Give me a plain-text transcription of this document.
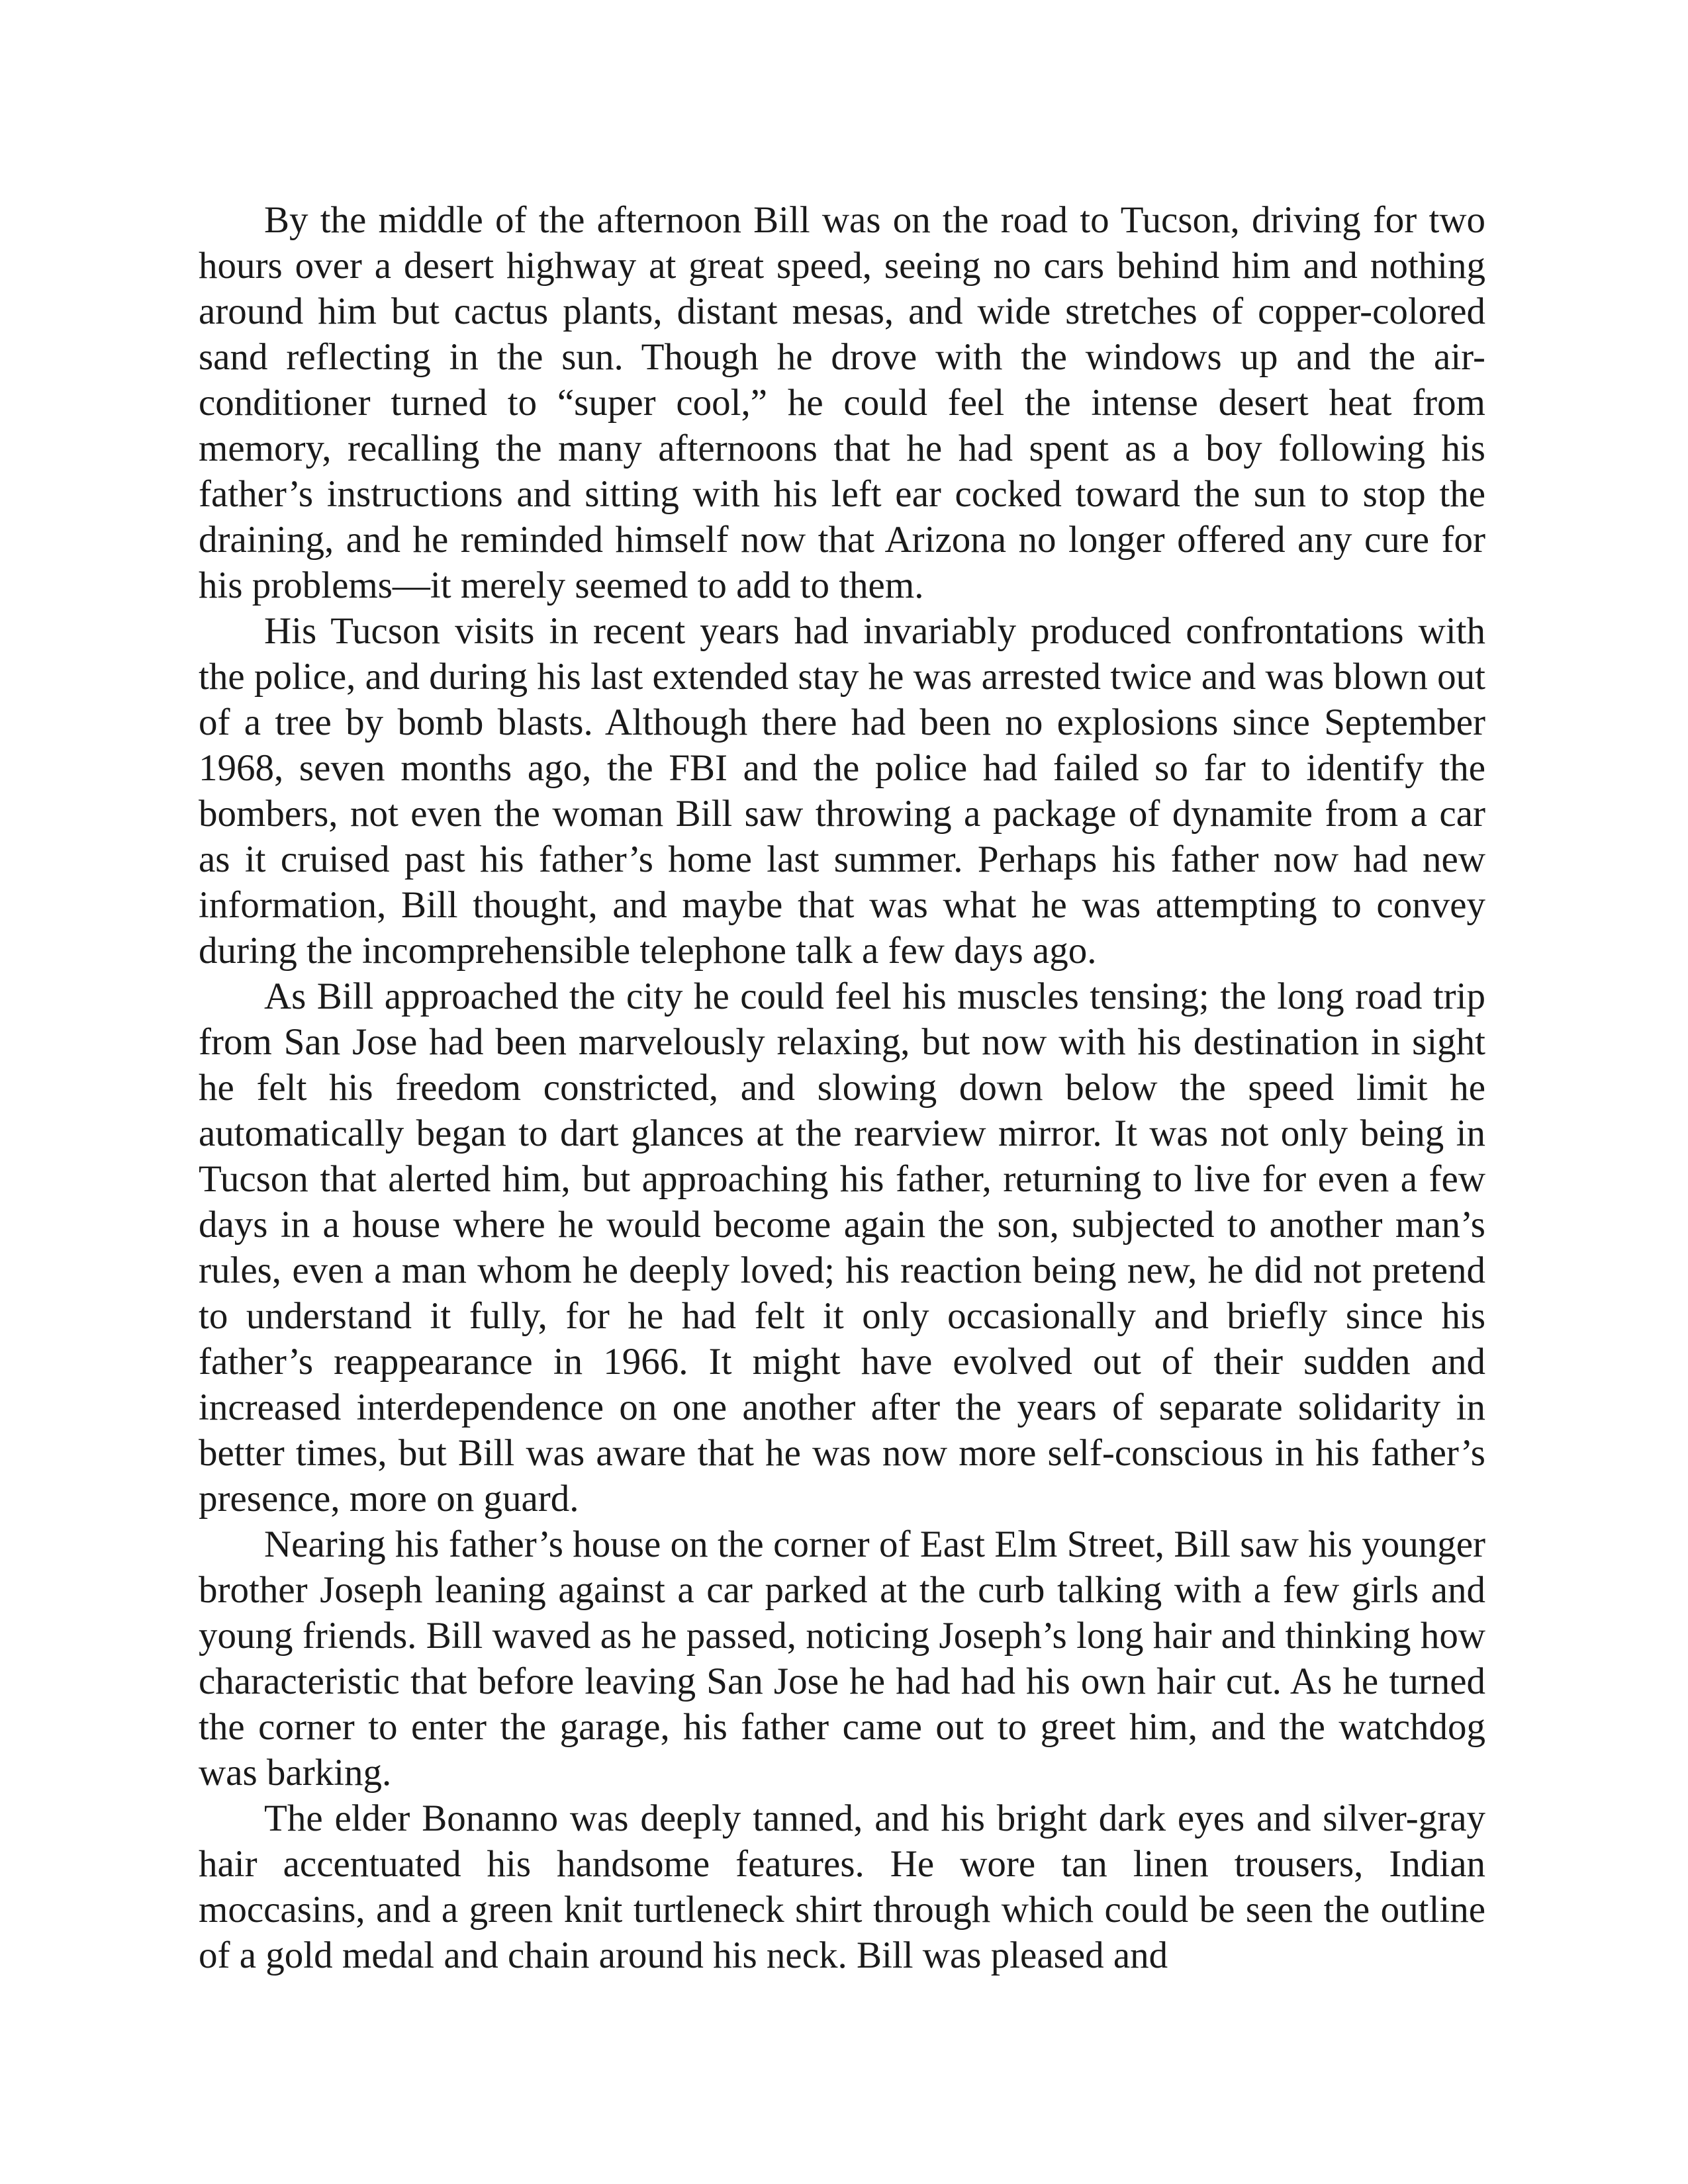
By the middle of the afternoon Bill was on the road to Tucson, driving for two hours over a desert highway at great speed, seeing no cars behind him and nothing around him but cactus plants, distant mesas, and wide stretches of copper-colored sand reflecting in the sun. Though he drove with the windows up and the air-conditioner turned to “super cool,” he could feel the intense desert heat from memory, recalling the many afternoons that he had spent as a boy following his father’s instructions and sitting with his left ear cocked toward the sun to stop the draining, and he reminded himself now that Arizona no longer offered any cure for his problems—it merely seemed to add to them.

His Tucson visits in recent years had invariably produced confrontations with the police, and during his last extended stay he was arrested twice and was blown out of a tree by bomb blasts. Although there had been no explosions since September 1968, seven months ago, the FBI and the police had failed so far to identify the bombers, not even the woman Bill saw throwing a package of dynamite from a car as it cruised past his father’s home last summer. Perhaps his father now had new information, Bill thought, and maybe that was what he was attempting to convey during the incomprehensible telephone talk a few days ago.

As Bill approached the city he could feel his muscles tensing; the long road trip from San Jose had been marvelously relaxing, but now with his destination in sight he felt his freedom constricted, and slowing down below the speed limit he automatically began to dart glances at the rearview mirror. It was not only being in Tucson that alerted him, but approaching his father, returning to live for even a few days in a house where he would become again the son, subjected to another man’s rules, even a man whom he deeply loved; his reaction being new, he did not pretend to understand it fully, for he had felt it only occasionally and briefly since his father’s reappearance in 1966. It might have evolved out of their sudden and increased interdependence on one another after the years of separate solidarity in better times, but Bill was aware that he was now more self-conscious in his father’s presence, more on guard.

Nearing his father’s house on the corner of East Elm Street, Bill saw his younger brother Joseph leaning against a car parked at the curb talking with a few girls and young friends. Bill waved as he passed, noticing Joseph’s long hair and thinking how characteristic that before leaving San Jose he had had his own hair cut. As he turned the corner to enter the garage, his father came out to greet him, and the watchdog was barking.

The elder Bonanno was deeply tanned, and his bright dark eyes and silver-gray hair accentuated his handsome features. He wore tan linen trousers, Indian moccasins, and a green knit turtleneck shirt through which could be seen the outline of a gold medal and chain around his neck. Bill was pleased and
